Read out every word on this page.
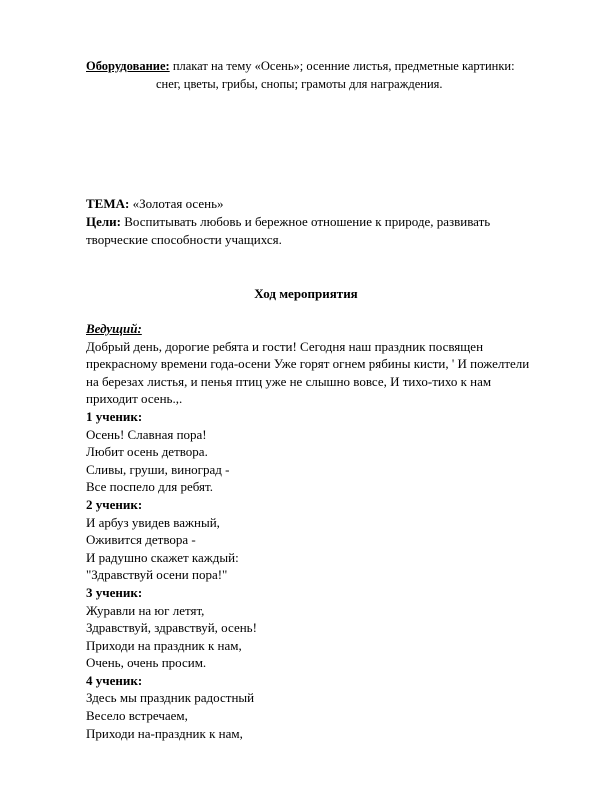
Оборудование: плакат на тему «Осень»; осенние листья, предметные картинки:
снег, цветы, грибы, снопы; грамоты для награждения.
ТЕМА: «Золотая осень»
Цели: Воспитывать любовь и бережное отношение к природе, развивать
творческие способности учащихся.
Ход мероприятия
Ведущий:
Добрый день, дорогие ребята и гости! Сегодня наш праздник посвящен
прекрасному времени года-осени Уже горят огнем рябины кисти, ' И пожелтели
на березах листья, и пенья птиц уже не слышно вовсе, И тихо-тихо к нам
приходит осень.,.
1 ученик:
Осень! Славная пора!
Любит осень детвора.
Сливы, груши, виноград -
Все поспело для ребят.
2 ученик:
И арбуз увидев важный,
Оживится детвора -
И радушно скажет каждый:
"Здравствуй осени пора!"
3 ученик:
Журавли на юг летят,
Здравствуй, здравствуй, осень!
Приходи на праздник к нам,
Очень, очень просим.
4 ученик:
Здесь мы праздник радостный
Весело встречаем,
Приходи на-праздник к нам,
